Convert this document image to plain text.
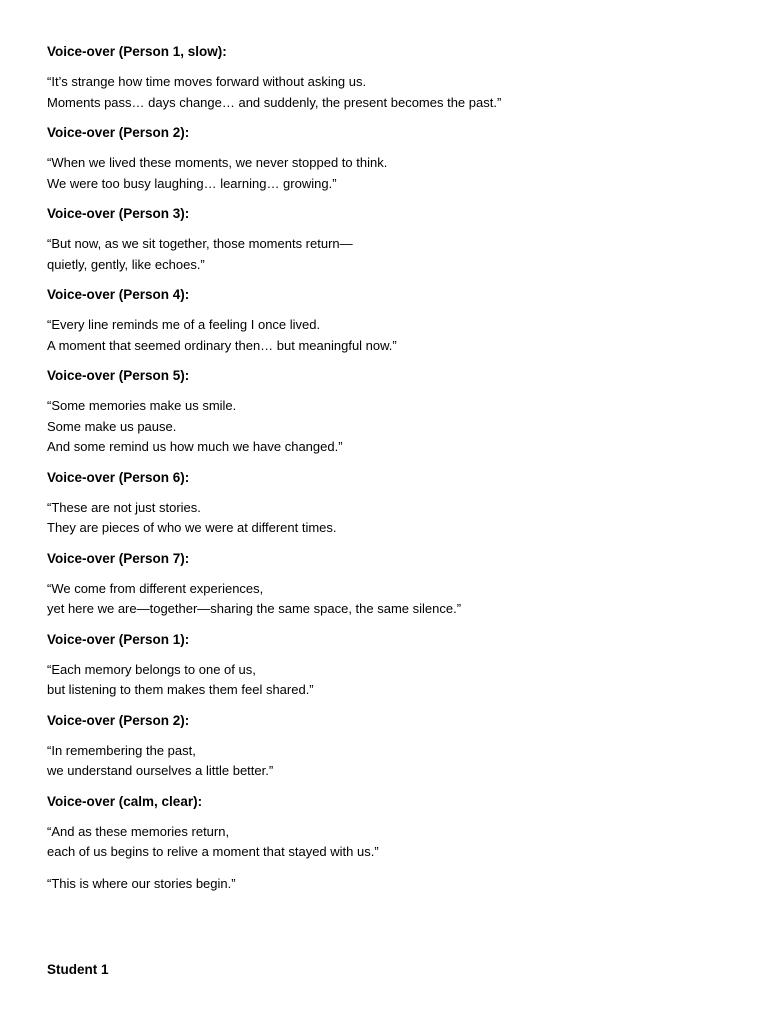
Voice-over (Person 1, slow):

“It’s strange how time moves forward without asking us.

Moments pass… days change… and suddenly, the present becomes the past.”

Voice-over (Person 2):

“When we lived these moments, we never stopped to think.

We were too busy laughing… learning… growing.”

Voice-over (Person 3):

“But now, as we sit together, those moments return—

quietly, gently, like echoes.”

Voice-over (Person 4):

“Every line reminds me of a feeling I once lived.

A moment that seemed ordinary then… but meaningful now.”

Voice-over (Person 5):

“Some memories make us smile.

Some make us pause.

And some remind us how much we have changed.”

Voice-over (Person 6):

“These are not just stories.

They are pieces of who we were at different times.

Voice-over (Person 7):

“We come from different experiences,

yet here we are—together—sharing the same space, the same silence.”

Voice-over (Person 1):

“Each memory belongs to one of us,

but listening to them makes them feel shared.”

Voice-over (Person 2):

“In remembering the past,

we understand ourselves a little better.”

Voice-over (calm, clear):

“And as these memories return,

each of us begins to relive a moment that stayed with us.”

“This is where our stories begin.”

Student 1
